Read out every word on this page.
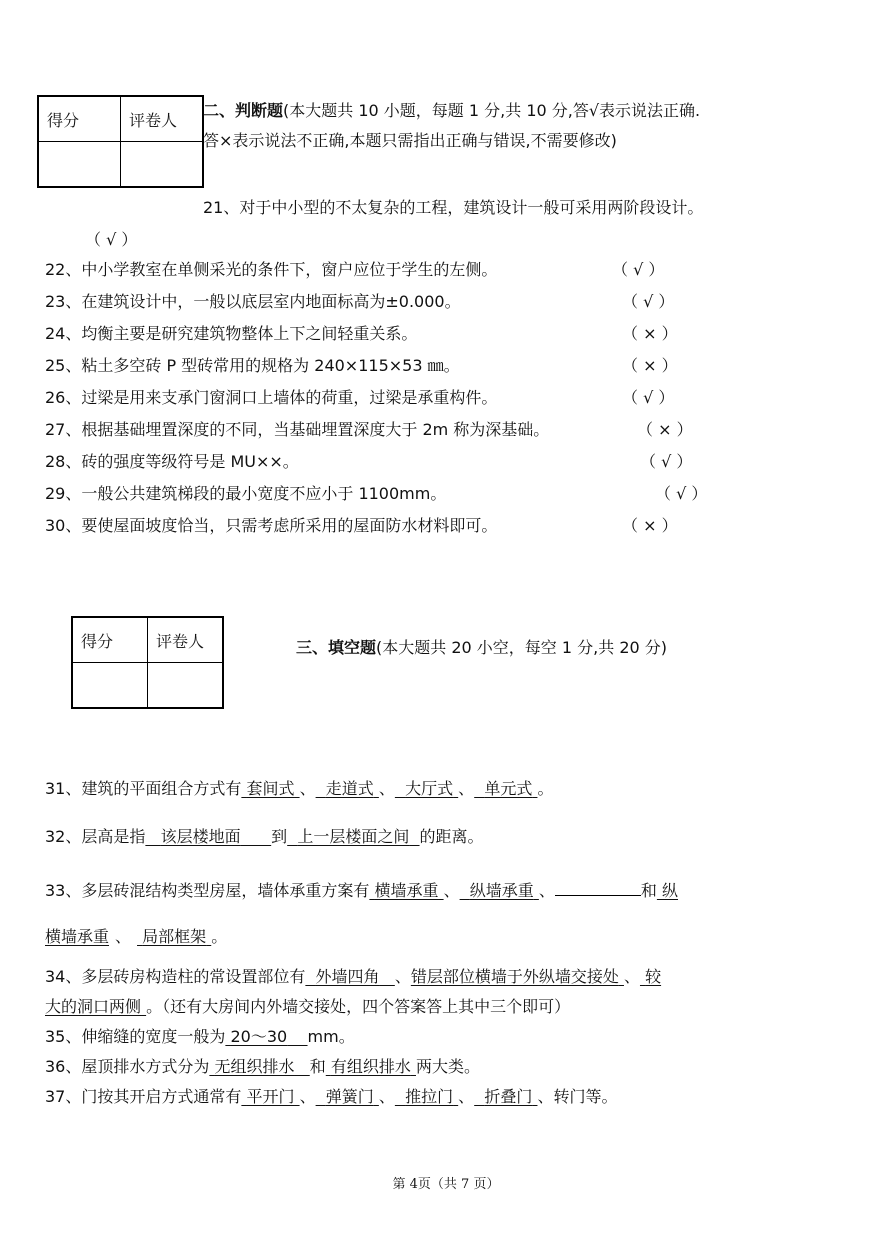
得分	评卷人
	二、判断题(本大题共 10 小题，每题 1 分,共 10 分,答√表示说法正确.
答×表示说法不正确,本题只需指出正确与错误,不需要修改)
21、对于中小型的不太复杂的工程，建筑设计一般可采用两阶段设计。
（ √ ）
22、中小学教室在单侧采光的条件下，窗户应位于学生的左侧。	（ √ ）
23、在建筑设计中，一般以底层室内地面标高为±0.000。	（ √ ）
24、均衡主要是研究建筑物整体上下之间轻重关系。	（ × ）
25、粘土多空砖 P 型砖常用的规格为 240×115×53 ㎜。	（ × ）
26、过梁是用来支承门窗洞口上墙体的荷重，过梁是承重构件。	（ √ ）
27、根据基础埋置深度的不同，当基础埋置深度大于 2m 称为深基础。	（ × ）
28、砖的强度等级符号是 MU××。	（ √ ）
29、一般公共建筑梯段的最小宽度不应小于 1100mm。	（ √ ）
30、要使屋面坡度恰当，只需考虑所采用的屋面防水材料即可。	（ × ）
得分	评卷人
		三、填空题(本大题共 20 小空，每空 1 分,共 20 分)
31、建筑的平面组合方式有 套间式 、 走道式 、 大厅式 、 单元式 。
32、层高是指 该层楼地面 到 上一层楼面之间 的距离。
33、多层砖混结构类型房屋，墙体承重方案有 横墙承重 、 纵墙承重 、	和 纵
横墙承重 、 局部框架 。
34、多层砖房构造柱的常设置部位有 外墙四角 、错层部位横墙于外纵墙交接处 、 较
大的洞口两侧 。（还有大房间内外墙交接处，四个答案答上其中三个即可）
35、伸缩缝的宽度一般为 20～30 mm。
36、屋顶排水方式分为 无组织排水 和 有组织排水 两大类。
37、门按其开启方式通常有 平开门 、 弹簧门 、 推拉门 、 折叠门 、转门等。
第 4页（共 7 页）
